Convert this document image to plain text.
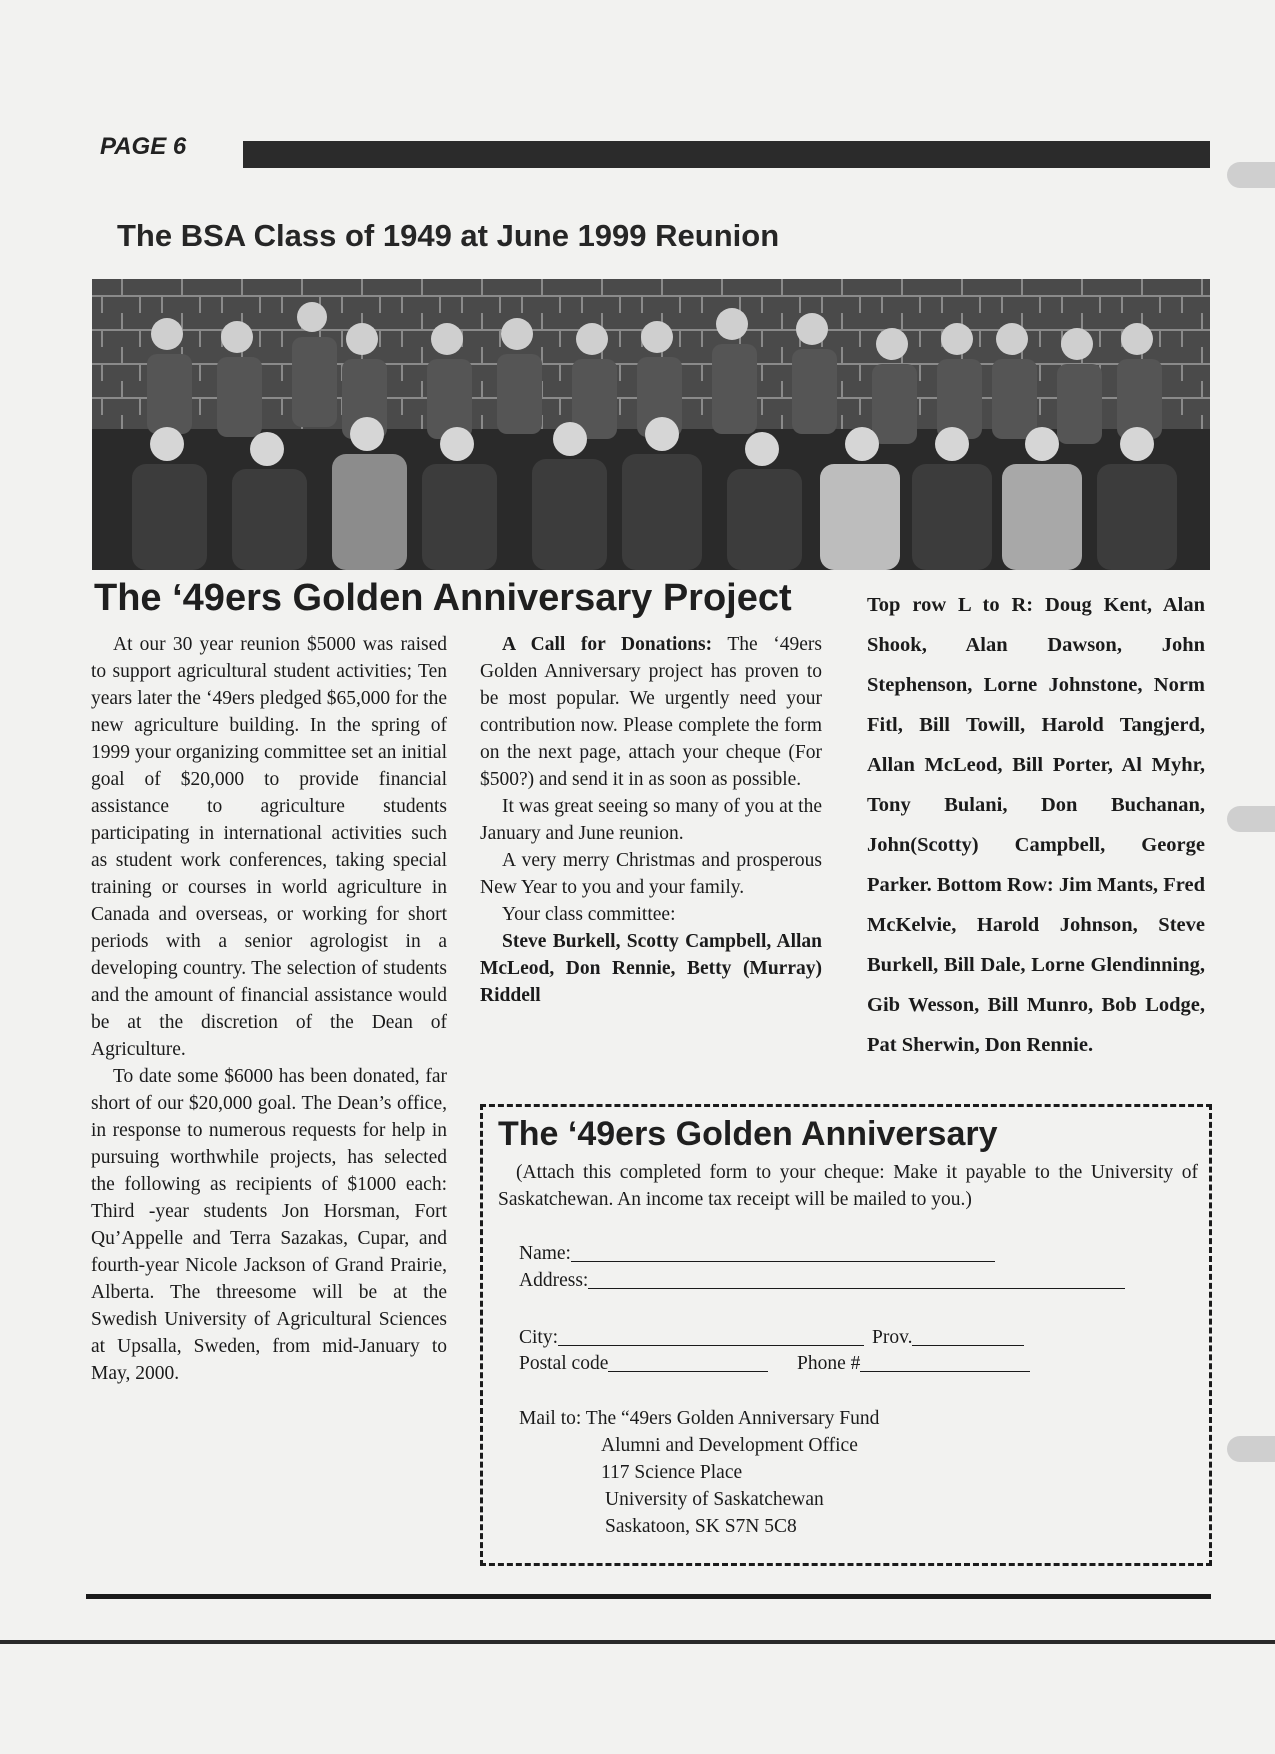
PAGE 6
The BSA Class of 1949 at June 1999 Reunion
The ‘49ers Golden Anniversary Project

At our 30 year reunion $5000 was raised to support agricultural student activities; Ten years later the ‘49ers pledged $65,000 for the new agriculture building. In the spring of 1999 your organizing committee set an initial goal of $20,000 to provide financial assistance to agriculture students participating in international activities such as student work conferences, taking special training or courses in world agriculture in Canada and overseas, or working for short periods with a senior agrologist in a developing country. The selection of students and the amount of financial assistance would be at the discretion of the Dean of Agriculture.

To date some $6000 has been donated, far short of our $20,000 goal. The Dean’s office, in response to numerous requests for help in pursuing worthwhile projects, has selected the following as recipients of $1000 each: Third -year students Jon Horsman, Fort Qu’Appelle and Terra Sazakas, Cupar, and fourth-year Nicole Jackson of Grand Prairie, Alberta. The threesome will be at the Swedish University of Agricultural Sciences at Upsalla, Sweden, from mid-January to May, 2000.

A Call for Donations: The ‘49ers Golden Anniversary project has proven to be most popular. We urgently need your contribution now. Please complete the form on the next page, attach your cheque (For $500?) and send it in as soon as possible.

It was great seeing so many of you at the January and June reunion.

A very merry Christmas and prosperous New Year to you and your family.

Your class committee:

Steve Burkell, Scotty Campbell, Allan McLeod, Don Rennie, Betty (Murray) Riddell

Top row L to R: Doug Kent, Alan Shook, Alan Dawson, John Stephenson, Lorne Johnstone, Norm Fitl, Bill Towill, Harold Tangjerd, Allan McLeod, Bill Porter, Al Myhr, Tony Bulani, Don Buchanan, John(Scotty) Campbell, George Parker. Bottom Row: Jim Mants, Fred McKelvie, Harold Johnson, Steve Burkell, Bill Dale, Lorne Glendinning, Gib Wesson, Bill Munro, Bob Lodge, Pat Sherwin, Don Rennie.
The ‘49ers Golden Anniversary
(Attach this completed form to your cheque: Make it payable to the University of Saskatchewan. An income tax receipt will be mailed to you.)
Name:
Address:
City:	Prov.
Postal code	Phone #
Mail to: The “49ers Golden Anniversary Fund
Alumni and Development Office
117 Science Place
University of Saskatchewan
Saskatoon, SK S7N 5C8
